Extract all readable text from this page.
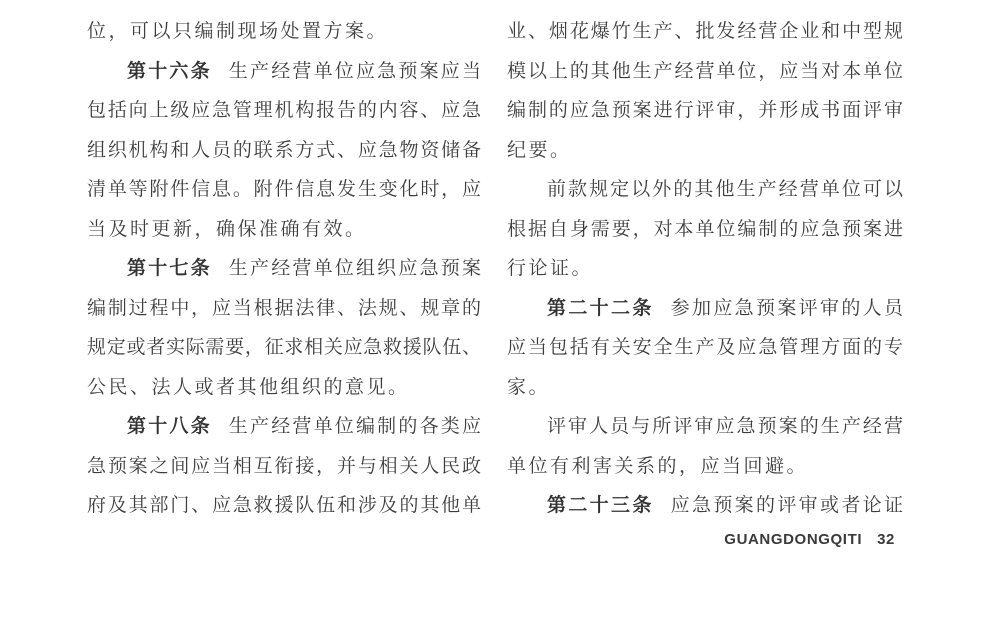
位，可以只编制现场处置方案。
第十六条 生产经营单位应急预案应当
包括向上级应急管理机构报告的内容、应急
组织机构和人员的联系方式、应急物资储备
清单等附件信息。附件信息发生变化时，应
当及时更新，确保准确有效。
第十七条 生产经营单位组织应急预案
编制过程中，应当根据法律、法规、规章的
规定或者实际需要，征求相关应急救援队伍、
公民、法人或者其他组织的意见。
第十八条 生产经营单位编制的各类应
急预案之间应当相互衔接，并与相关人民政
府及其部门、应急救援队伍和涉及的其他单
业、烟花爆竹生产、批发经营企业和中型规
模以上的其他生产经营单位，应当对本单位
编制的应急预案进行评审，并形成书面评审
纪要。
前款规定以外的其他生产经营单位可以
根据自身需要，对本单位编制的应急预案进
行论证。
第二十二条 参加应急预案评审的人员
应当包括有关安全生产及应急管理方面的专
家。
评审人员与所评审应急预案的生产经营
单位有利害关系的，应当回避。
第二十三条 应急预案的评审或者论证
GUANGDONGQITI 32
